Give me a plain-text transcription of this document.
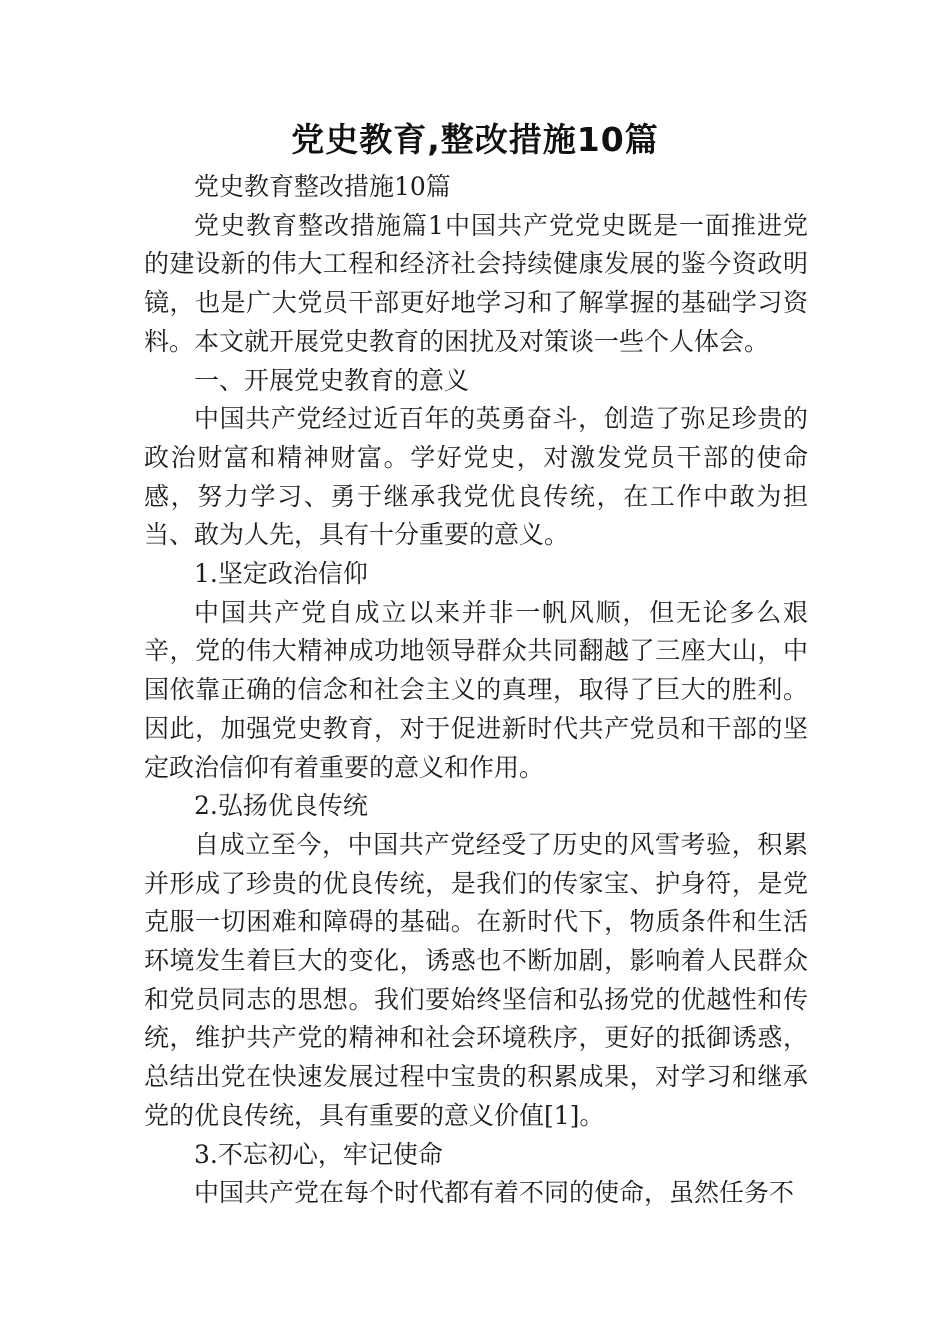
党史教育,整改措施10篇

党史教育整改措施10篇

党史教育整改措施篇1中国共产党党史既是一面推进党的建设新的伟大工程和经济社会持续健康发展的鉴今资政明镜，也是广大党员干部更好地学习和了解掌握的基础学习资料。本文就开展党史教育的困扰及对策谈一些个人体会。

一、开展党史教育的意义

中国共产党经过近百年的英勇奋斗，创造了弥足珍贵的政治财富和精神财富。学好党史，对激发党员干部的使命感，努力学习、勇于继承我党优良传统，在工作中敢为担当、敢为人先，具有十分重要的意义。

1.坚定政治信仰

中国共产党自成立以来并非一帆风顺，但无论多么艰辛，党的伟大精神成功地领导群众共同翻越了三座大山，中国依靠正确的信念和社会主义的真理，取得了巨大的胜利。因此，加强党史教育，对于促进新时代共产党员和干部的坚定政治信仰有着重要的意义和作用。

2.弘扬优良传统

自成立至今，中国共产党经受了历史的风雪考验，积累并形成了珍贵的优良传统，是我们的传家宝、护身符，是党克服一切困难和障碍的基础。在新时代下，物质条件和生活环境发生着巨大的变化，诱惑也不断加剧，影响着人民群众和党员同志的思想。我们要始终坚信和弘扬党的优越性和传统，维护共产党的精神和社会环境秩序，更好的抵御诱惑，总结出党在快速发展过程中宝贵的积累成果，对学习和继承党的优良传统，具有重要的意义价值[1]。

3.不忘初心，牢记使命

中国共产党在每个时代都有着不同的使命，虽然任务不
